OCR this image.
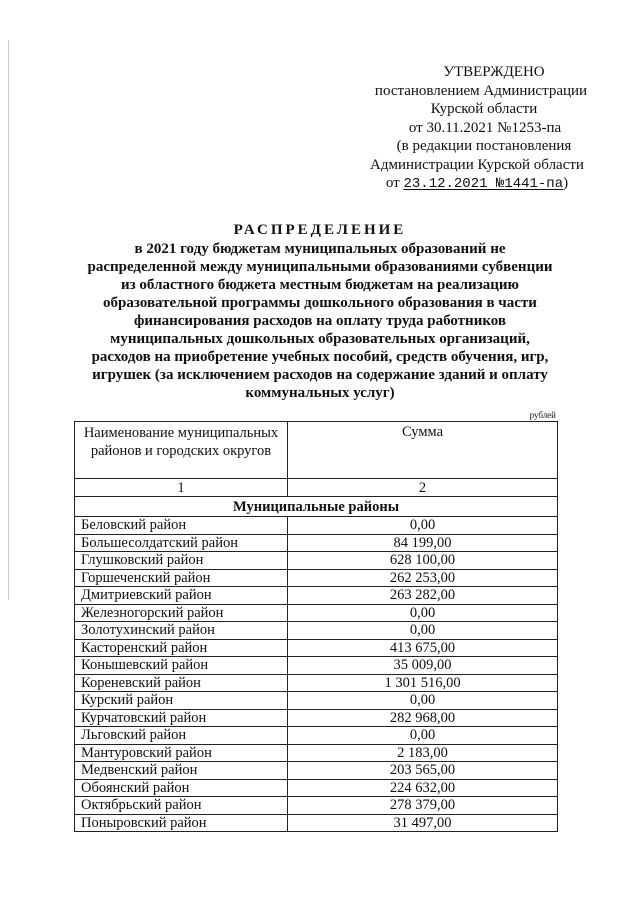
УТВЕРЖДЕНО
постановлением Администрации
Курской области
от 30.11.2021 №1253-па
(в редакции постановления
Администрации Курской области
от 23.12.2021 №1441-па)
РАСПРЕДЕЛЕНИЕ
в 2021 году бюджетам муниципальных образований не
распределенной между муниципальными образованиями субвенции
из областного бюджета местным бюджетам на реализацию
образовательной программы дошкольного образования в части
финансирования расходов на оплату труда работников
муниципальных дошкольных образовательных организаций,
расходов на приобретение учебных пособий, средств обучения, игр,
игрушек (за исключением расходов на содержание зданий и оплату
коммунальных услуг)
рублей
Наименование муниципальных районов и городских округов	Сумма
1	2
Муниципальные районы	
Беловский район	0,00
Большесолдатский район	84 199,00
Глушковский район	628 100,00
Горшеченский район	262 253,00
Дмитриевский район	263 282,00
Железногорский район	0,00
Золотухинский район	0,00
Касторенский район	413 675,00
Конышевский район	35 009,00
Кореневский район	1 301 516,00
Курский район	0,00
Курчатовский район	282 968,00
Льговский район	0,00
Мантуровский район	2 183,00
Медвенский район	203 565,00
Обоянский район	224 632,00
Октябрьский район	278 379,00
Поныровский район	31 497,00
